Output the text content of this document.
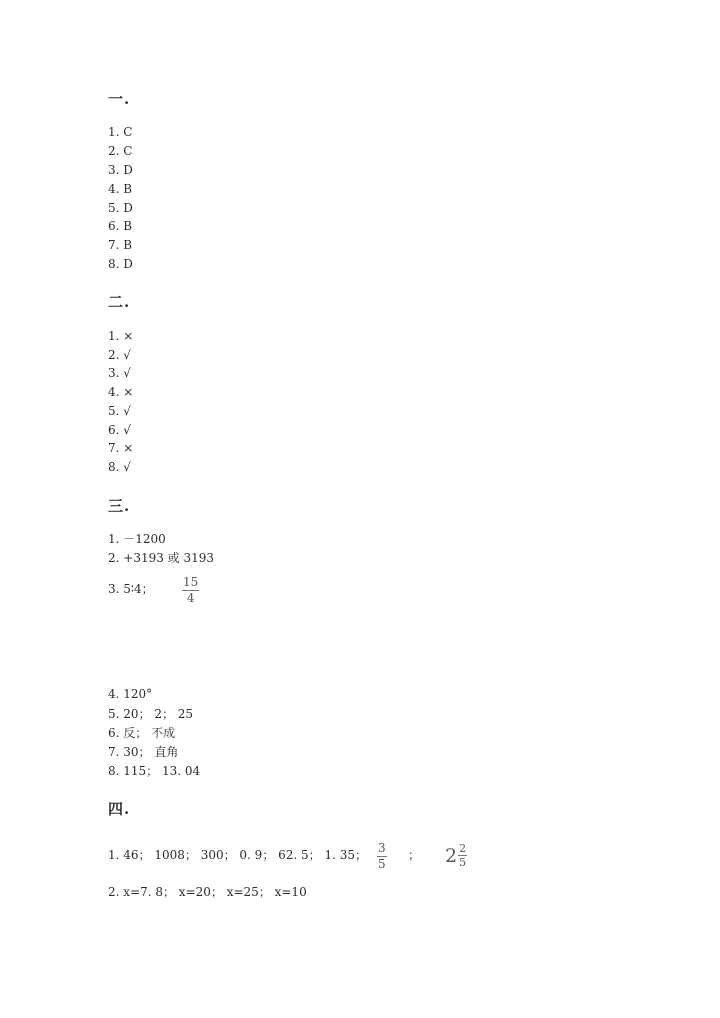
一.
1. C
2. C
3. D
4. B
5. D
6. B
7. B
8. D
二.
1. ×
2. √
3. √
4. ×
5. √
6. √
7. ×
8. √
三.
1. －1200
2. +3193 或 3193
3. 5∶4； 15
4
4. 120°
5. 20； 2； 25
6. 反； 不成
7. 30； 直角
8. 115； 13. 04
四.
1. 46； 1008； 300； 0. 9； 62. 5； 1. 35； 3
5
； $2 \frac{2}{5}$
2. x=7. 8； x=20； x=25； x=10
